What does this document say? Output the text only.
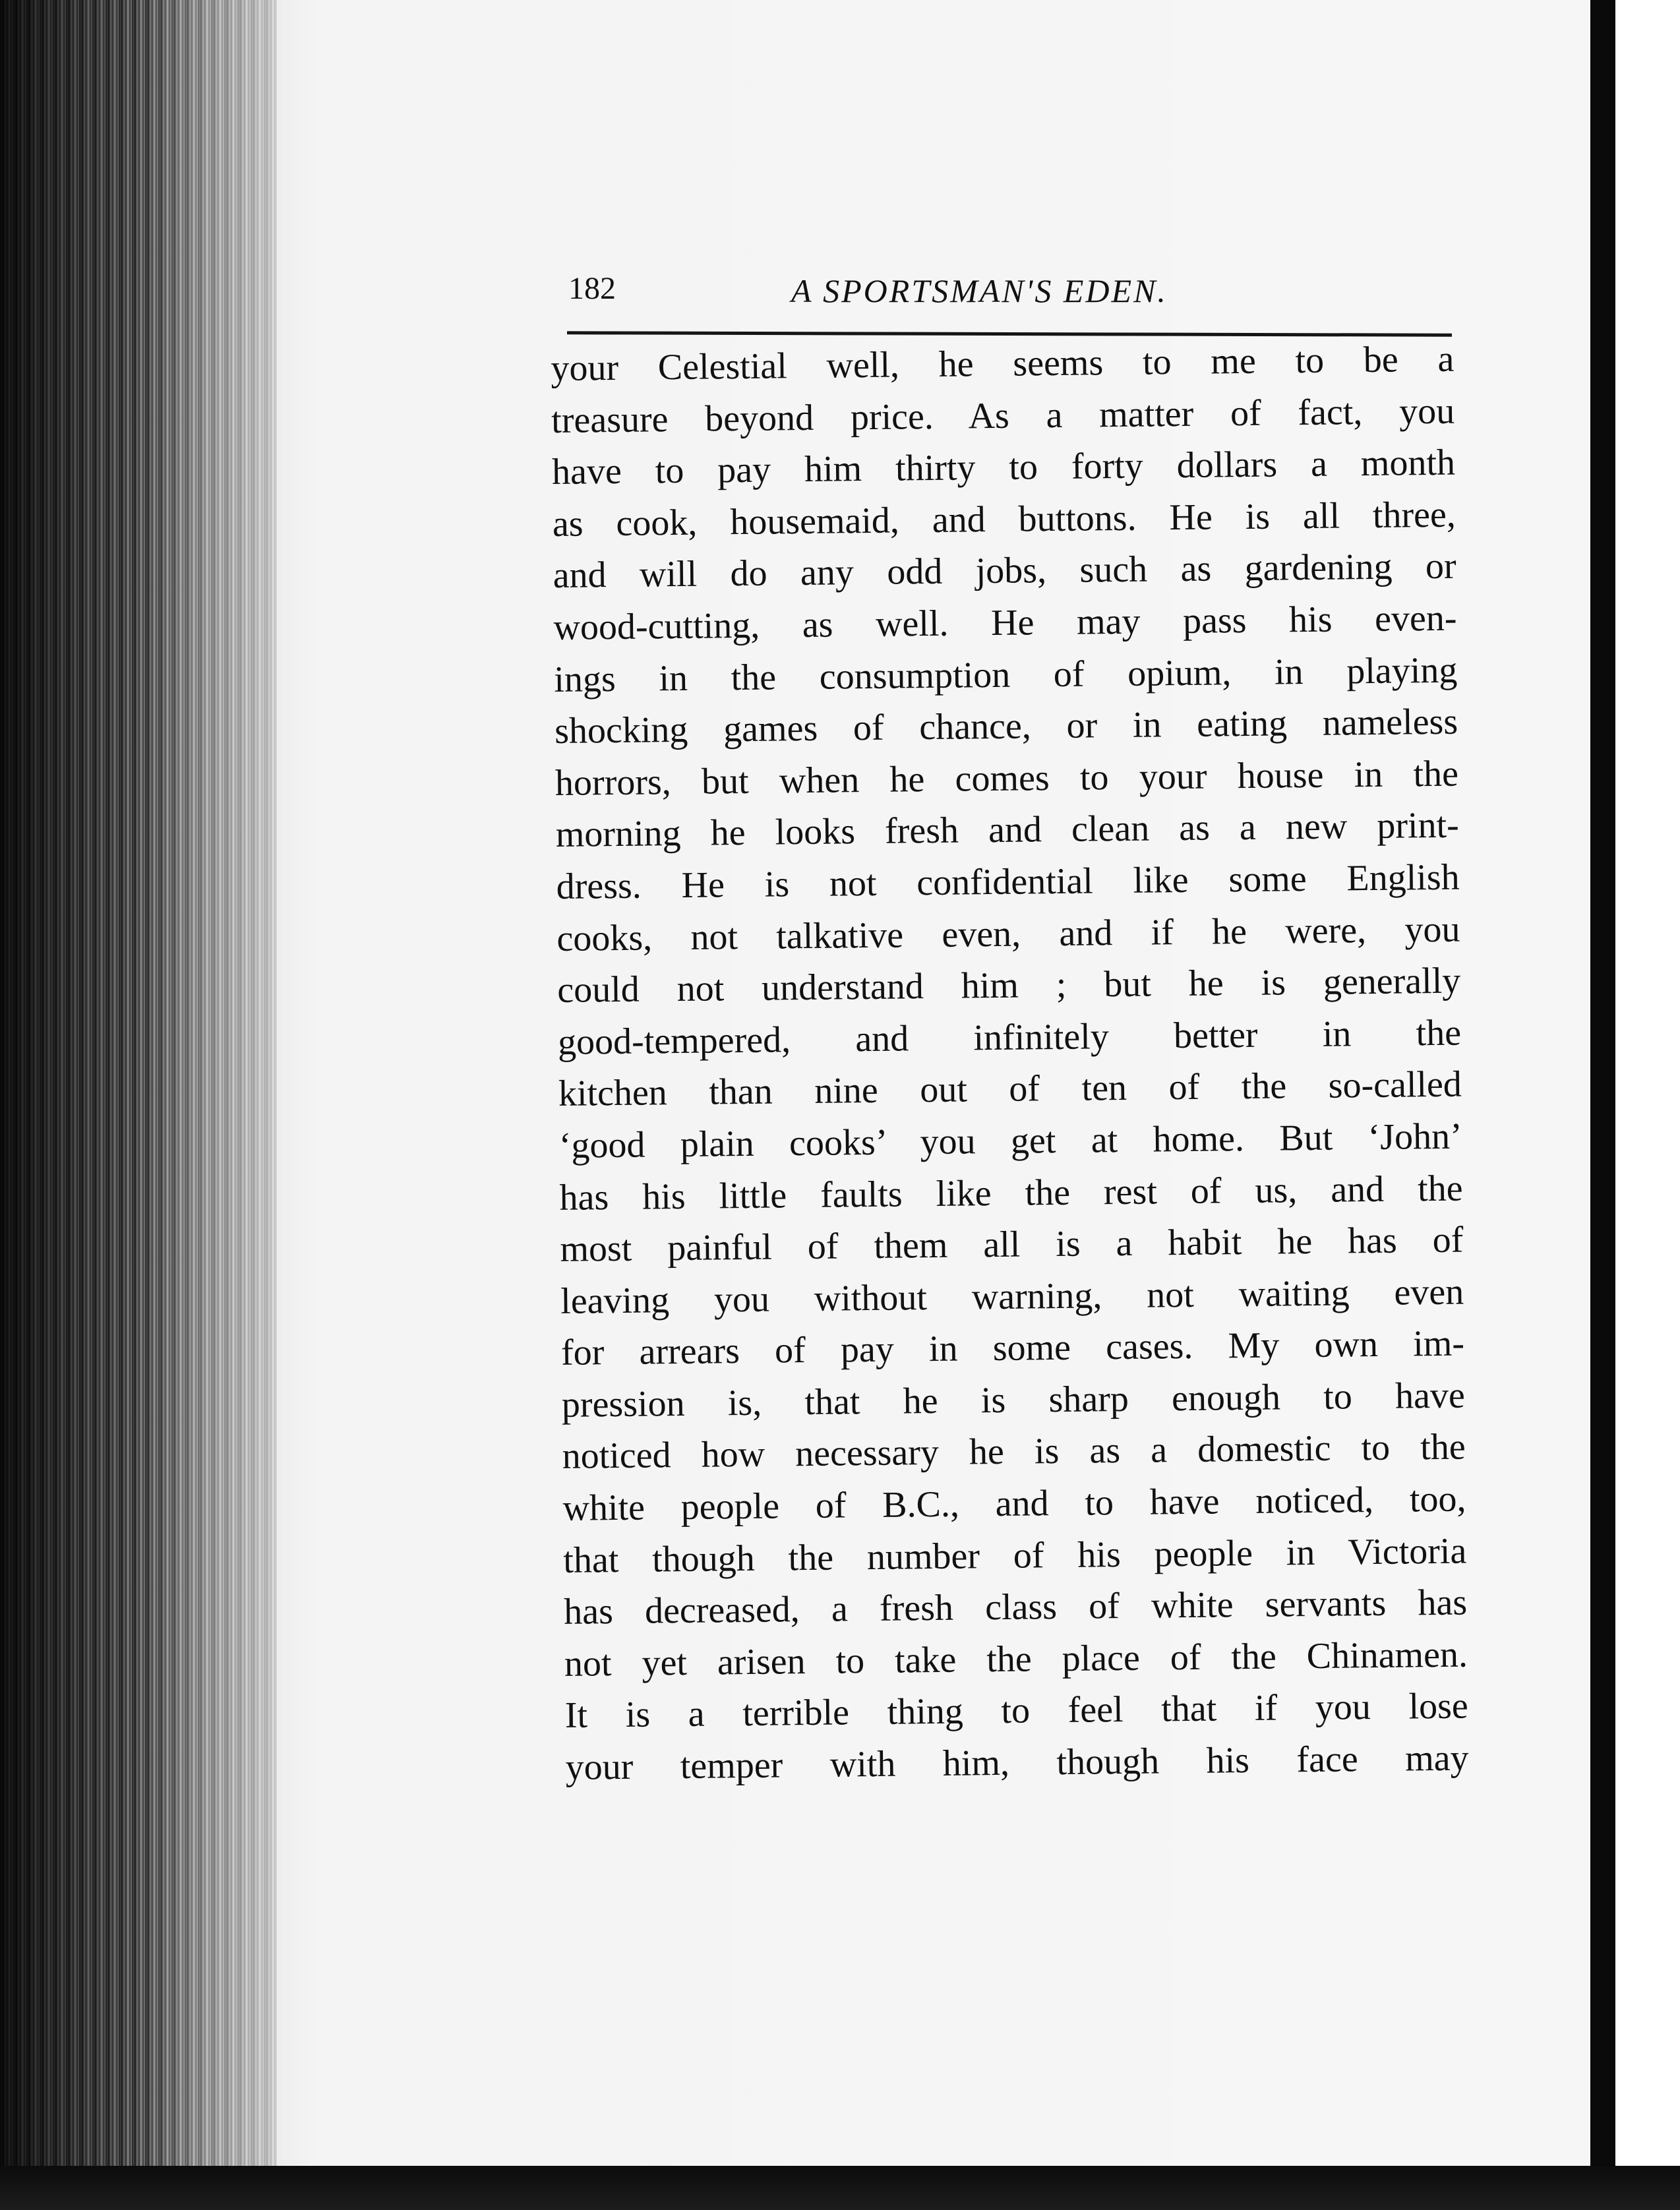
182	A SPORTSMAN'S EDEN.
your Celestial well, he seems to me to be a
treasure beyond price. As a matter of fact, you
have to pay him thirty to forty dollars a month
as cook, housemaid, and buttons. He is all three,
and will do any odd jobs, such as gardening or
wood-cutting, as well. He may pass his even-
ings in the consumption of opium, in playing
shocking games of chance, or in eating nameless
horrors, but when he comes to your house in the
morning he looks fresh and clean as a new print-
dress. He is not confidential like some English
cooks, not talkative even, and if he were, you
could not understand him ; but he is generally
good-tempered, and infinitely better in the
kitchen than nine out of ten of the so-called
‘good plain cooks’ you get at home. But ‘John’
has his little faults like the rest of us, and the
most painful of them all is a habit he has of
leaving you without warning, not waiting even
for arrears of pay in some cases. My own im-
pression is, that he is sharp enough to have
noticed how necessary he is as a domestic to the
white people of B.C., and to have noticed, too,
that though the number of his people in Victoria
has decreased, a fresh class of white servants has
not yet arisen to take the place of the Chinamen.
It is a terrible thing to feel that if you lose
your temper with him, though his face may
